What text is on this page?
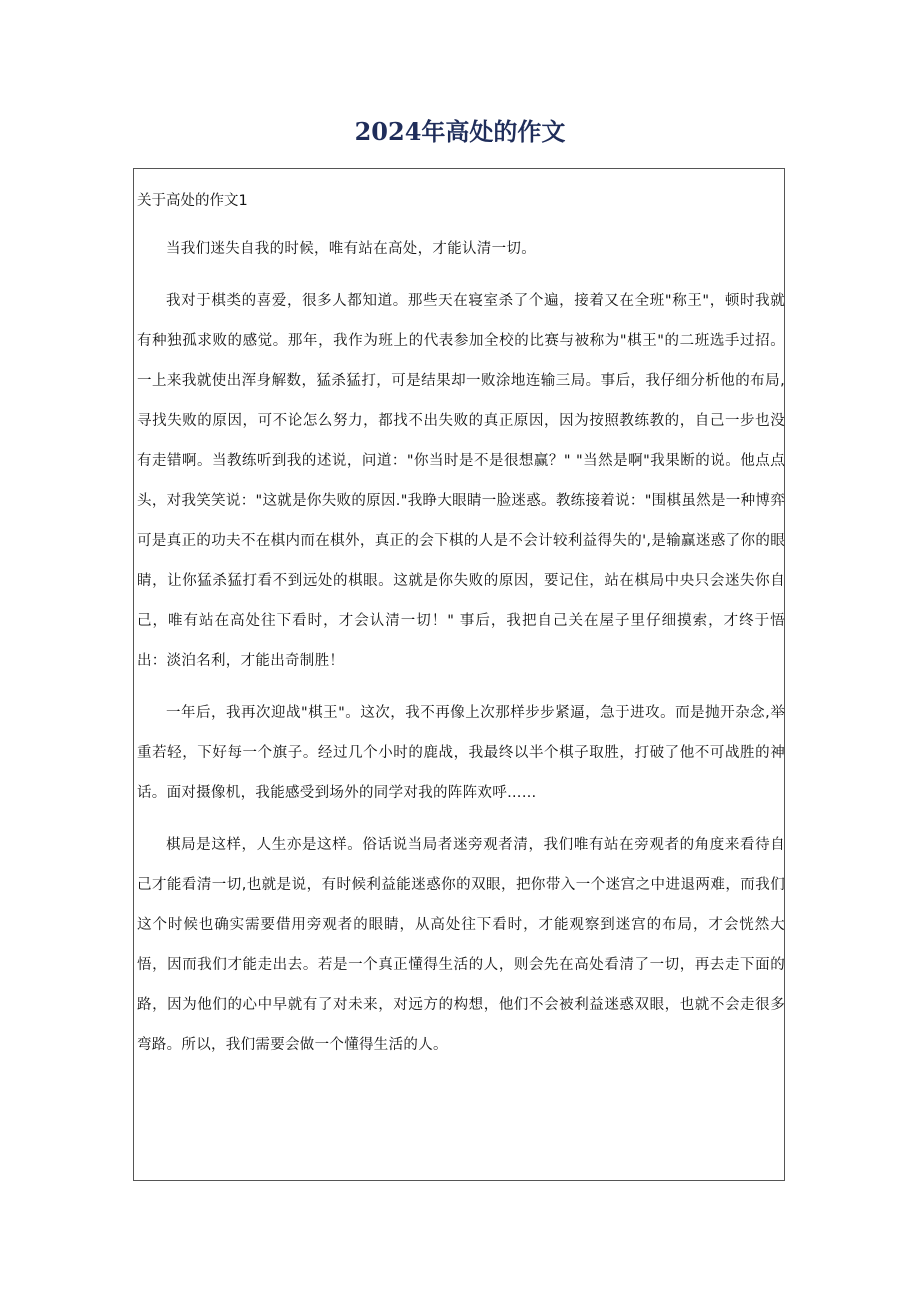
2024年高处的作文

关于高处的作文1

当我们迷失自我的时候，唯有站在高处，才能认清一切。

我对于棋类的喜爱，很多人都知道。那些天在寝室杀了个遍，接着又在全班"称王"，顿时我就有种独孤求败的感觉。那年，我作为班上的代表参加全校的比赛与被称为"棋王"的二班选手过招。一上来我就使出浑身解数，猛杀猛打，可是结果却一败涂地连输三局。事后，我仔细分析他的布局,寻找失败的原因，可不论怎么努力，都找不出失败的真正原因，因为按照教练教的，自己一步也没有走错啊。当教练听到我的述说，问道："你当时是不是很想赢？" "当然是啊"我果断的说。他点点头，对我笑笑说："这就是你失败的原因."我睁大眼睛一脸迷惑。教练接着说："围棋虽然是一种博弈可是真正的功夫不在棋内而在棋外，真正的会下棋的人是不会计较利益得失的',是输赢迷惑了你的眼睛，让你猛杀猛打看不到远处的棋眼。这就是你失败的原因，要记住，站在棋局中央只会迷失你自己，唯有站在高处往下看时，才会认清一切！" 事后，我把自己关在屋子里仔细摸索，才终于悟出：淡泊名利，才能出奇制胜！

一年后，我再次迎战"棋王"。这次，我不再像上次那样步步紧逼，急于进攻。而是抛开杂念,举重若轻，下好每一个旗子。经过几个小时的鹿战，我最终以半个棋子取胜，打破了他不可战胜的神话。面对摄像机，我能感受到场外的同学对我的阵阵欢呼……

棋局是这样，人生亦是这样。俗话说当局者迷旁观者清，我们唯有站在旁观者的角度来看待自己才能看清一切,也就是说，有时候利益能迷惑你的双眼，把你带入一个迷宫之中进退两难，而我们这个时候也确实需要借用旁观者的眼睛，从高处往下看时，才能观察到迷宫的布局，才会恍然大悟，因而我们才能走出去。若是一个真正懂得生活的人，则会先在高处看清了一切，再去走下面的路，因为他们的心中早就有了对未来，对远方的构想，他们不会被利益迷惑双眼，也就不会走很多弯路。所以，我们需要会做一个懂得生活的人。
